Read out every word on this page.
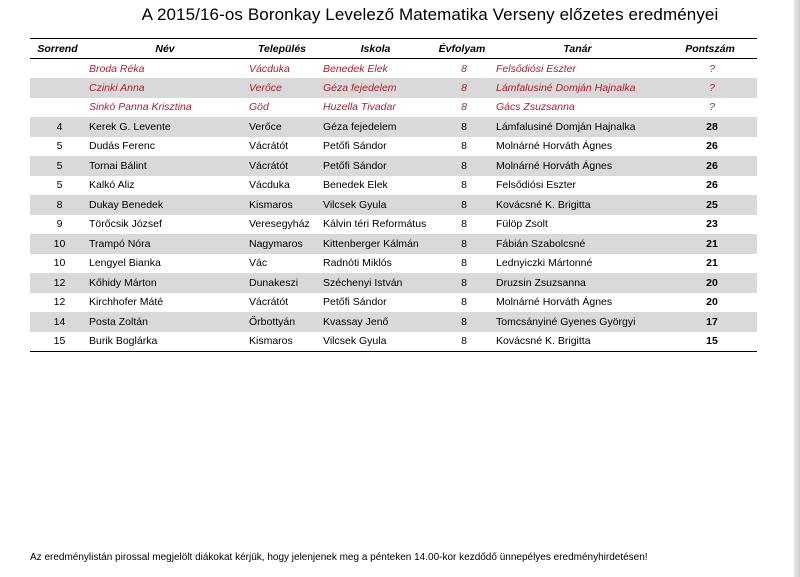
A 2015/16-os Boronkay Levelező Matematika Verseny előzetes eredményei
Sorrend	Név	Település	Iskola	Évfolyam	Tanár	Pontszám
	Broda Réka	Vácduka	Benedek Elek	8	Felsődiósi Eszter	?
	Czinki Anna	Verőce	Géza fejedelem	8	Lámfalusiné Domján Hajnalka	?
	Sinkó Panna Krisztina	Göd	Huzella Tivadar	8	Gács Zsuzsanna	?
4	Kerek G. Levente	Verőce	Géza fejedelem	8	Lámfalusiné Domján Hajnalka	28
5	Dudás Ferenc	Vácrátót	Petőfi Sándor	8	Molnárné Horváth Ágnes	26
5	Tornai Bálint	Vácrátót	Petőfi Sándor	8	Molnárné Horváth Ágnes	26
5	Kalkó Aliz	Vácduka	Benedek Elek	8	Felsődiósi Eszter	26
8	Dukay Benedek	Kismaros	Vilcsek Gyula	8	Kovácsné K. Brigitta	25
9	Törőcsik József	Veresegyház	Kálvin téri Református	8	Fülöp Zsolt	23
10	Trampó Nóra	Nagymaros	Kittenberger Kálmán	8	Fábián Szabolcsné	21
10	Lengyel Bianka	Vác	Radnóti Miklós	8	Lednyiczki Mártonné	21
12	Kőhidy Márton	Dunakeszi	Széchenyi István	8	Druzsin Zsuzsanna	20
12	Kirchhofer Máté	Vácrátót	Petőfi Sándor	8	Molnárné Horváth Ágnes	20
14	Posta Zoltán	Őrbottyán	Kvassay Jenő	8	Tomcsányiné Gyenes Györgyi	17
15	Burik Boglárka	Kismaros	Vilcsek Gyula	8	Kovácsné K. Brigitta	15
Az eredménylistán pirossal megjelölt diákokat kérjük, hogy jelenjenek meg a pénteken 14.00-kor kezdődő ünnepélyes eredményhirdetésen!
